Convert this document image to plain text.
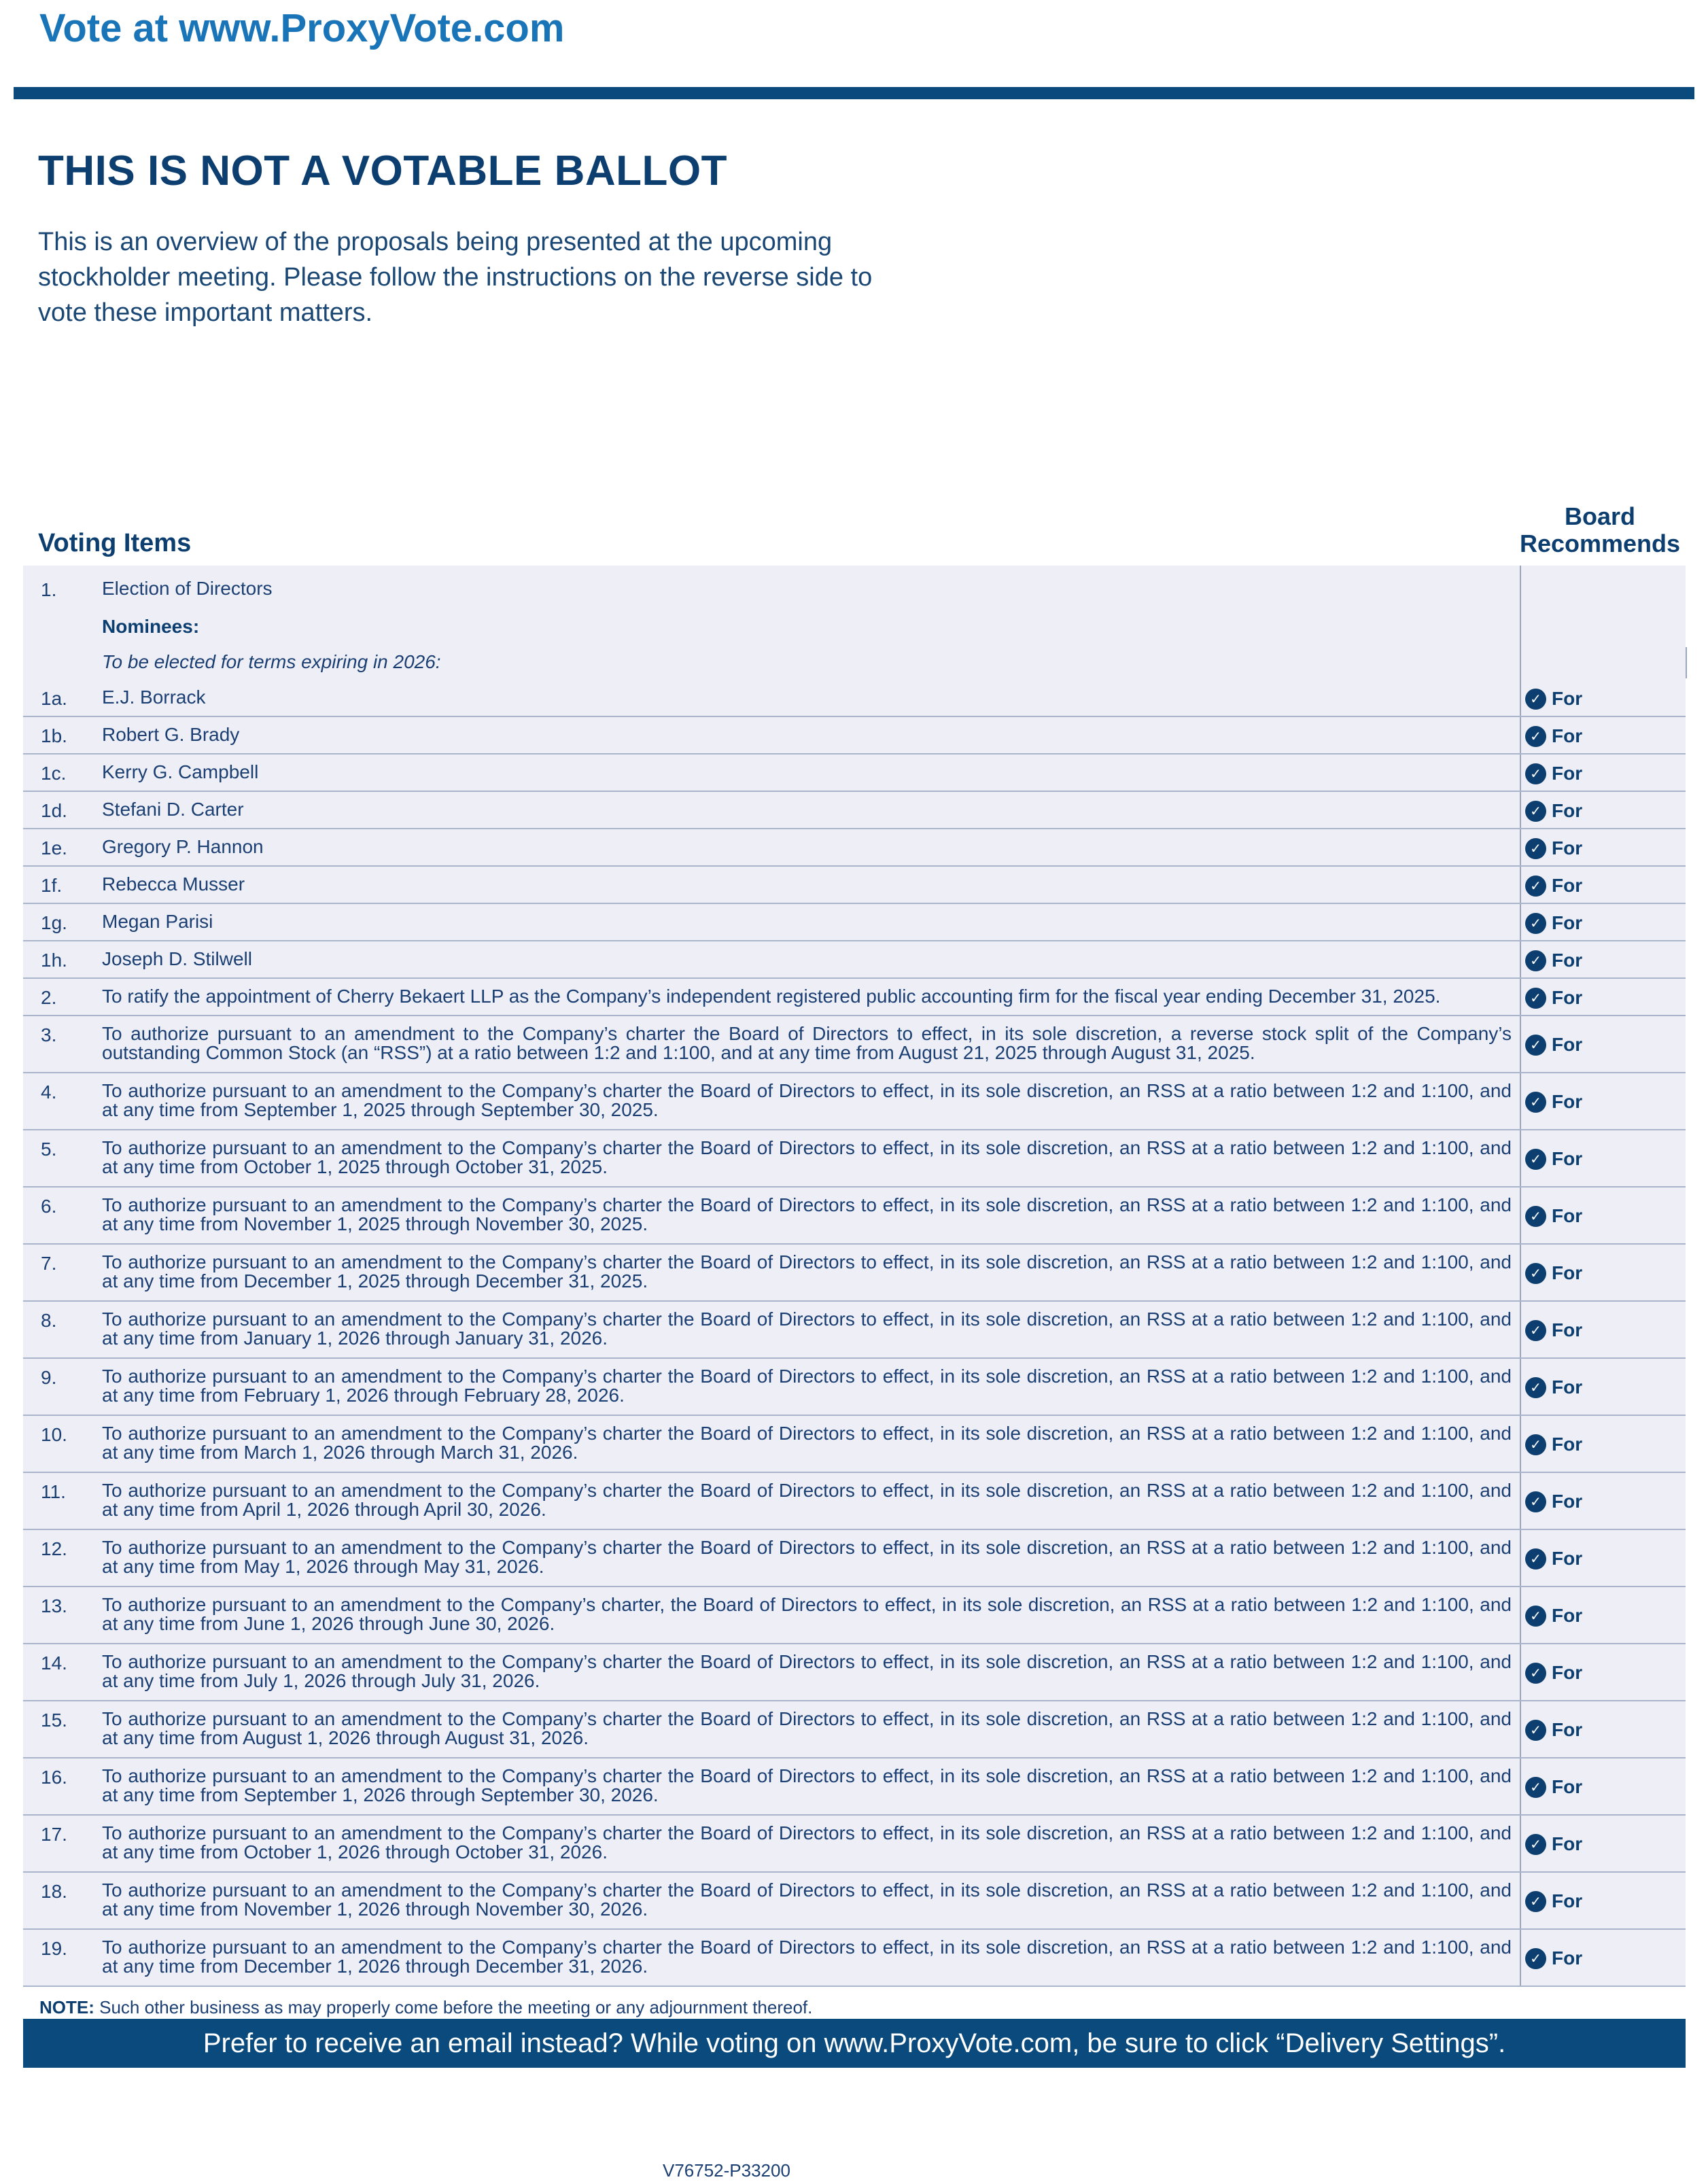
Vote at www.ProxyVote.com
THIS IS NOT A VOTABLE BALLOT
This is an overview of the proposals being presented at the upcoming stockholder meeting. Please follow the instructions on the reverse side to vote these important matters.
Voting Items
Board
Recommends
1.	Election of Directors
Nominees:
To be elected for terms expiring in 2026:
1a.	E.J. Borrack	✓ For
1b.	Robert G. Brady	✓ For
1c.	Kerry G. Campbell	✓ For
1d.	Stefani D. Carter	✓ For
1e.	Gregory P. Hannon	✓ For
1f.	Rebecca Musser	✓ For
1g.	Megan Parisi	✓ For
1h.	Joseph D. Stilwell	✓ For
2.	To ratify the appointment of Cherry Bekaert LLP as the Company’s independent registered public accounting firm for the fiscal year ending December 31, 2025.	✓ For
3.	To authorize pursuant to an amendment to the Company’s charter the Board of Directors to effect, in its sole discretion, a reverse stock split of the Company’s outstanding Common Stock (an “RSS”) at a ratio between 1:2 and 1:100, and at any time from August 21, 2025 through August 31, 2025.	✓ For
4.	To authorize pursuant to an amendment to the Company’s charter the Board of Directors to effect, in its sole discretion, an RSS at a ratio between 1:2 and 1:100, and at any time from September 1, 2025 through September 30, 2025.	✓ For
5.	To authorize pursuant to an amendment to the Company’s charter the Board of Directors to effect, in its sole discretion, an RSS at a ratio between 1:2 and 1:100, and at any time from October 1, 2025 through October 31, 2025.	✓ For
6.	To authorize pursuant to an amendment to the Company’s charter the Board of Directors to effect, in its sole discretion, an RSS at a ratio between 1:2 and 1:100, and at any time from November 1, 2025 through November 30, 2025.	✓ For
7.	To authorize pursuant to an amendment to the Company’s charter the Board of Directors to effect, in its sole discretion, an RSS at a ratio between 1:2 and 1:100, and at any time from December 1, 2025 through December 31, 2025.	✓ For
8.	To authorize pursuant to an amendment to the Company’s charter the Board of Directors to effect, in its sole discretion, an RSS at a ratio between 1:2 and 1:100, and at any time from January 1, 2026 through January 31, 2026.	✓ For
9.	To authorize pursuant to an amendment to the Company’s charter the Board of Directors to effect, in its sole discretion, an RSS at a ratio between 1:2 and 1:100, and at any time from February 1, 2026 through February 28, 2026.	✓ For
10.	To authorize pursuant to an amendment to the Company’s charter the Board of Directors to effect, in its sole discretion, an RSS at a ratio between 1:2 and 1:100, and at any time from March 1, 2026 through March 31, 2026.	✓ For
11.	To authorize pursuant to an amendment to the Company’s charter the Board of Directors to effect, in its sole discretion, an RSS at a ratio between 1:2 and 1:100, and at any time from April 1, 2026 through April 30, 2026.	✓ For
12.	To authorize pursuant to an amendment to the Company’s charter the Board of Directors to effect, in its sole discretion, an RSS at a ratio between 1:2 and 1:100, and at any time from May 1, 2026 through May 31, 2026.	✓ For
13.	To authorize pursuant to an amendment to the Company’s charter, the Board of Directors to effect, in its sole discretion, an RSS at a ratio between 1:2 and 1:100, and at any time from June 1, 2026 through June 30, 2026.	✓ For
14.	To authorize pursuant to an amendment to the Company’s charter the Board of Directors to effect, in its sole discretion, an RSS at a ratio between 1:2 and 1:100, and at any time from July 1, 2026 through July 31, 2026.	✓ For
15.	To authorize pursuant to an amendment to the Company’s charter the Board of Directors to effect, in its sole discretion, an RSS at a ratio between 1:2 and 1:100, and at any time from August 1, 2026 through August 31, 2026.	✓ For
16.	To authorize pursuant to an amendment to the Company’s charter the Board of Directors to effect, in its sole discretion, an RSS at a ratio between 1:2 and 1:100, and at any time from September 1, 2026 through September 30, 2026.	✓ For
17.	To authorize pursuant to an amendment to the Company’s charter the Board of Directors to effect, in its sole discretion, an RSS at a ratio between 1:2 and 1:100, and at any time from October 1, 2026 through October 31, 2026.	✓ For
18.	To authorize pursuant to an amendment to the Company’s charter the Board of Directors to effect, in its sole discretion, an RSS at a ratio between 1:2 and 1:100, and at any time from November 1, 2026 through November 30, 2026.	✓ For
19.	To authorize pursuant to an amendment to the Company’s charter the Board of Directors to effect, in its sole discretion, an RSS at a ratio between 1:2 and 1:100, and at any time from December 1, 2026 through December 31, 2026.	✓ For
NOTE: Such other business as may properly come before the meeting or any adjournment thereof.
Prefer to receive an email instead? While voting on www.ProxyVote.com, be sure to click “Delivery Settings”.
V76752-P33200
